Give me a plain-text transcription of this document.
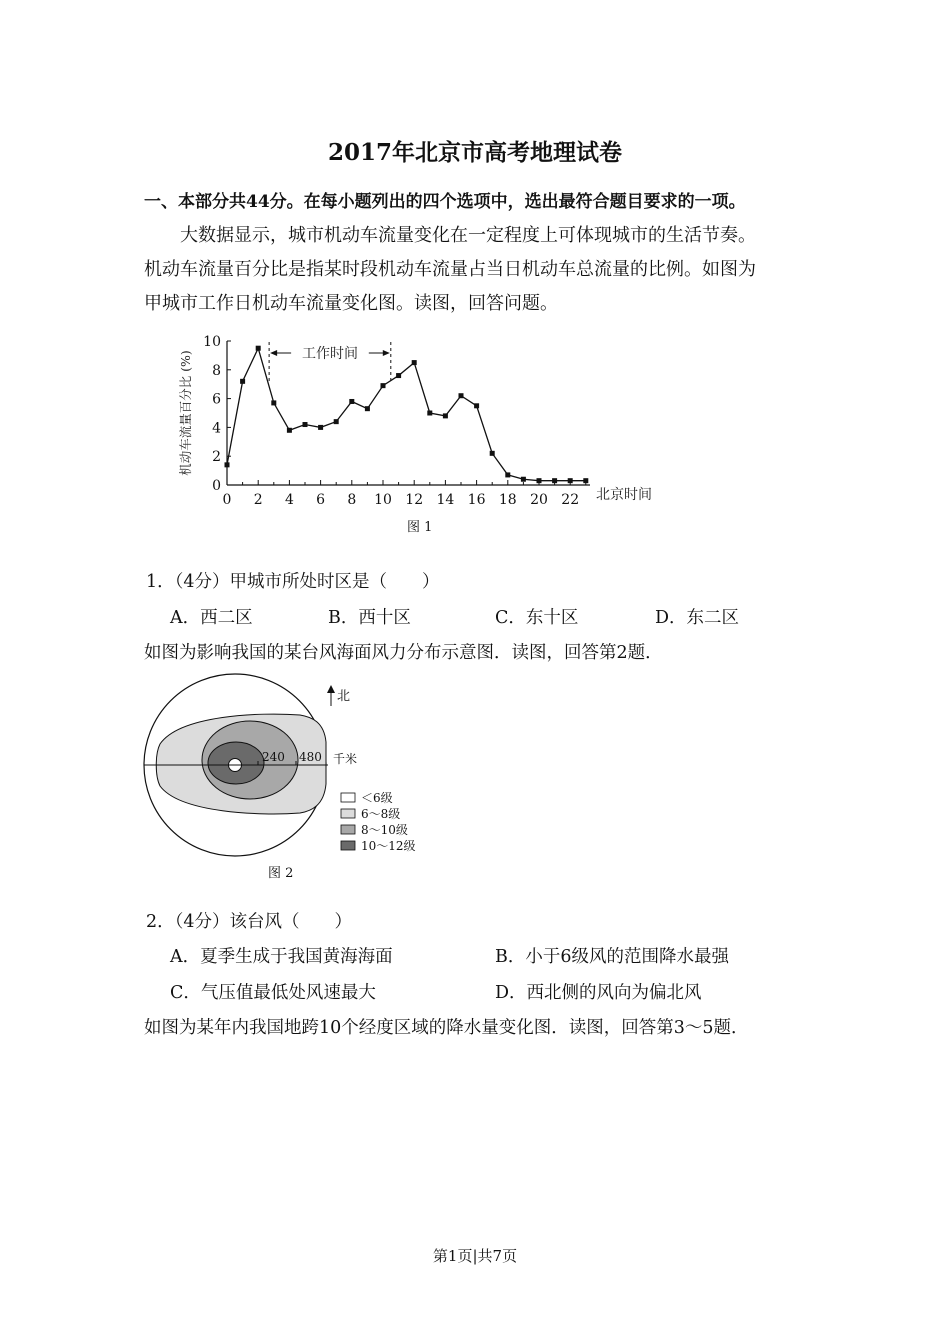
2017年北京市高考地理试卷
一、本部分共44分。在每小题列出的四个选项中，选出最符合题目要求的一项。
大数据显示，城市机动车流量变化在一定程度上可体现城市的生活节奏。
机动车流量百分比是指某时段机动车流量占当日机动车总流量的比例。如图为
甲城市工作日机动车流量变化图。读图，回答问题。
0
2
4
6
8
10
0 2 4 6 8 10 12 14 16 18 20 22
机动车流量百分比 (%)
北京时间
工作时间
图 1
1．（4分）甲城市所处时区是（　　）
A．西二区	B．西十区	C．东十区	D．东二区
如图为影响我国的某台风海面风力分布示意图．读图，回答第2题．
240 480 千米
北
＜6级
6～8级
8～10级
10～12级
图 2
2．（4分）该台风（　　）
A．夏季生成于我国黄海海面	B．小于6级风的范围降水最强
C．气压值最低处风速最大	D．西北侧的风向为偏北风
如图为某年内我国地跨10个经度区域的降水量变化图．读图，回答第3～5题．
第1页|共7页
